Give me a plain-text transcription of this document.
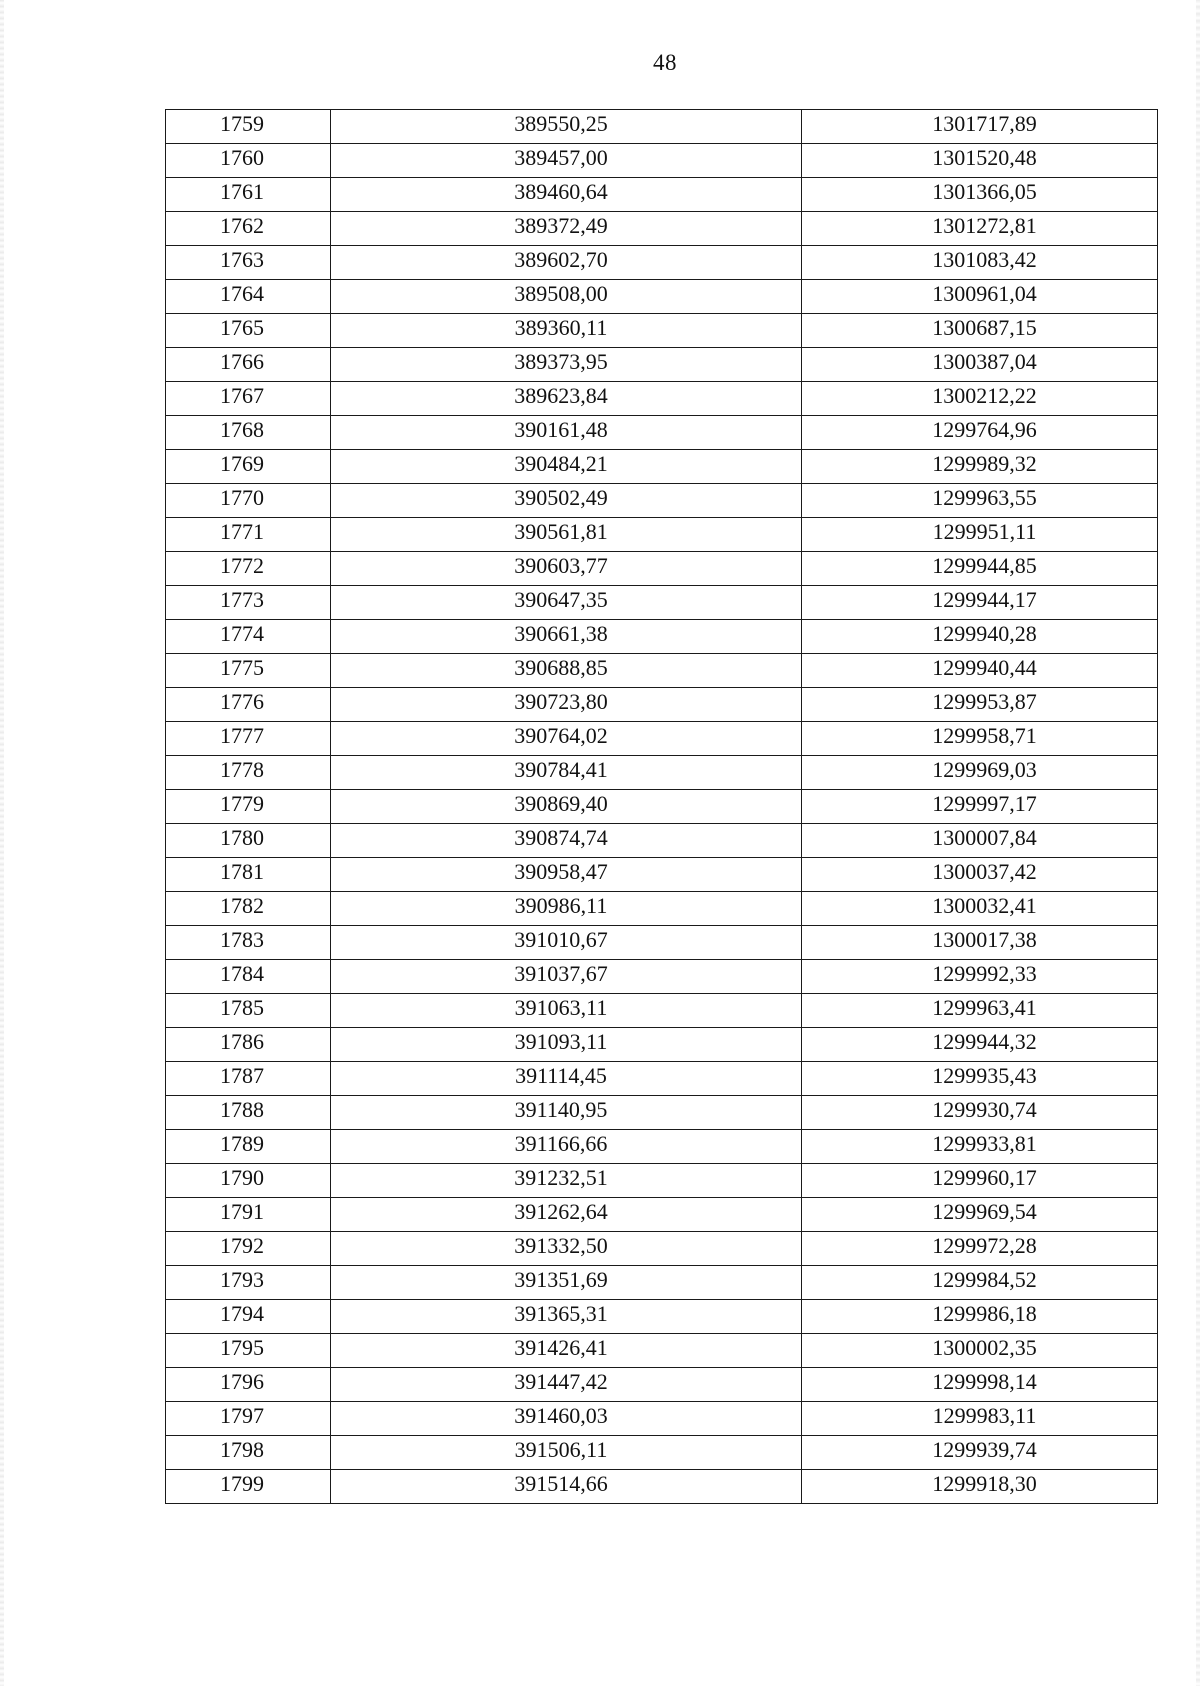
48
1759	389550,25	1301717,89
1760	389457,00	1301520,48
1761	389460,64	1301366,05
1762	389372,49	1301272,81
1763	389602,70	1301083,42
1764	389508,00	1300961,04
1765	389360,11	1300687,15
1766	389373,95	1300387,04
1767	389623,84	1300212,22
1768	390161,48	1299764,96
1769	390484,21	1299989,32
1770	390502,49	1299963,55
1771	390561,81	1299951,11
1772	390603,77	1299944,85
1773	390647,35	1299944,17
1774	390661,38	1299940,28
1775	390688,85	1299940,44
1776	390723,80	1299953,87
1777	390764,02	1299958,71
1778	390784,41	1299969,03
1779	390869,40	1299997,17
1780	390874,74	1300007,84
1781	390958,47	1300037,42
1782	390986,11	1300032,41
1783	391010,67	1300017,38
1784	391037,67	1299992,33
1785	391063,11	1299963,41
1786	391093,11	1299944,32
1787	391114,45	1299935,43
1788	391140,95	1299930,74
1789	391166,66	1299933,81
1790	391232,51	1299960,17
1791	391262,64	1299969,54
1792	391332,50	1299972,28
1793	391351,69	1299984,52
1794	391365,31	1299986,18
1795	391426,41	1300002,35
1796	391447,42	1299998,14
1797	391460,03	1299983,11
1798	391506,11	1299939,74
1799	391514,66	1299918,30
